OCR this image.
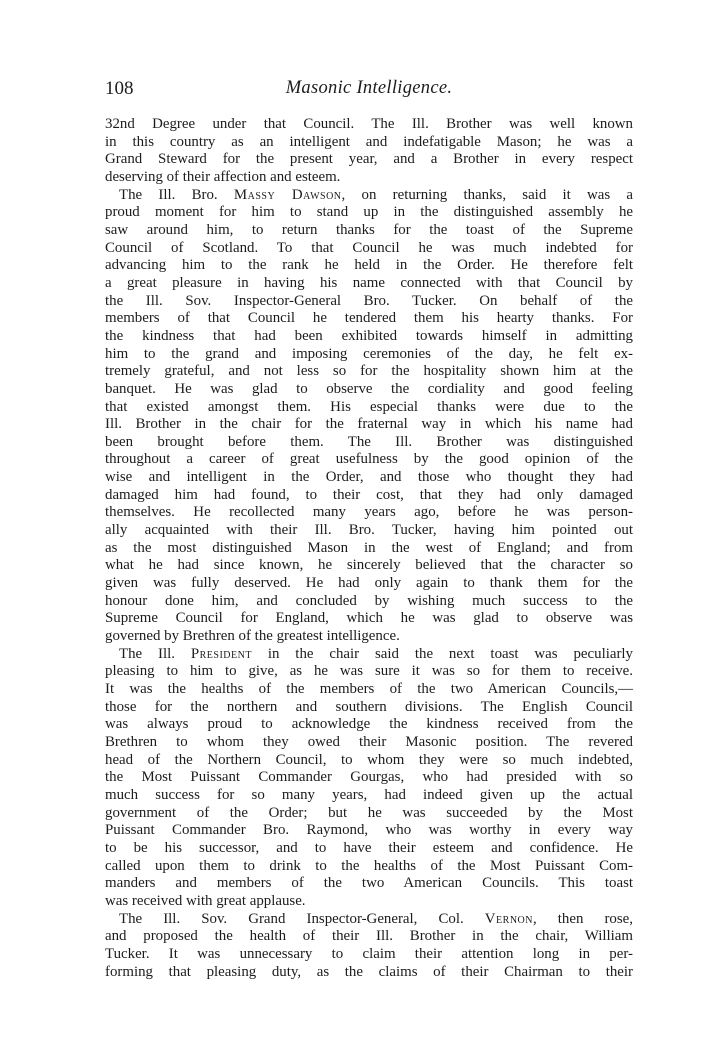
108	Masonic Intelligence.
32nd Degree under that Council. The Ill. Brother was well known
in this country as an intelligent and indefatigable Mason; he was a
Grand Steward for the present year, and a Brother in every respect
deserving of their affection and esteem.
The Ill. Bro. Massy Dawson, on returning thanks, said it was a
proud moment for him to stand up in the distinguished assembly he
saw around him, to return thanks for the toast of the Supreme
Council of Scotland. To that Council he was much indebted for
advancing him to the rank he held in the Order. He therefore felt
a great pleasure in having his name connected with that Council by
the Ill. Sov. Inspector-General Bro. Tucker. On behalf of the
members of that Council he tendered them his hearty thanks. For
the kindness that had been exhibited towards himself in admitting
him to the grand and imposing ceremonies of the day, he felt ex-
tremely grateful, and not less so for the hospitality shown him at the
banquet. He was glad to observe the cordiality and good feeling
that existed amongst them. His especial thanks were due to the
Ill. Brother in the chair for the fraternal way in which his name had
been brought before them. The Ill. Brother was distinguished
throughout a career of great usefulness by the good opinion of the
wise and intelligent in the Order, and those who thought they had
damaged him had found, to their cost, that they had only damaged
themselves. He recollected many years ago, before he was person-
ally acquainted with their Ill. Bro. Tucker, having him pointed out
as the most distinguished Mason in the west of England; and from
what he had since known, he sincerely believed that the character so
given was fully deserved. He had only again to thank them for the
honour done him, and concluded by wishing much success to the
Supreme Council for England, which he was glad to observe was
governed by Brethren of the greatest intelligence.
The Ill. President in the chair said the next toast was peculiarly
pleasing to him to give, as he was sure it was so for them to receive.
It was the healths of the members of the two American Councils,—
those for the northern and southern divisions. The English Council
was always proud to acknowledge the kindness received from the
Brethren to whom they owed their Masonic position. The revered
head of the Northern Council, to whom they were so much indebted,
the Most Puissant Commander Gourgas, who had presided with so
much success for so many years, had indeed given up the actual
government of the Order; but he was succeeded by the Most
Puissant Commander Bro. Raymond, who was worthy in every way
to be his successor, and to have their esteem and confidence. He
called upon them to drink to the healths of the Most Puissant Com-
manders and members of the two American Councils. This toast
was received with great applause.
The Ill. Sov. Grand Inspector-General, Col. Vernon, then rose,
and proposed the health of their Ill. Brother in the chair, William
Tucker. It was unnecessary to claim their attention long in per-
forming that pleasing duty, as the claims of their Chairman to their
